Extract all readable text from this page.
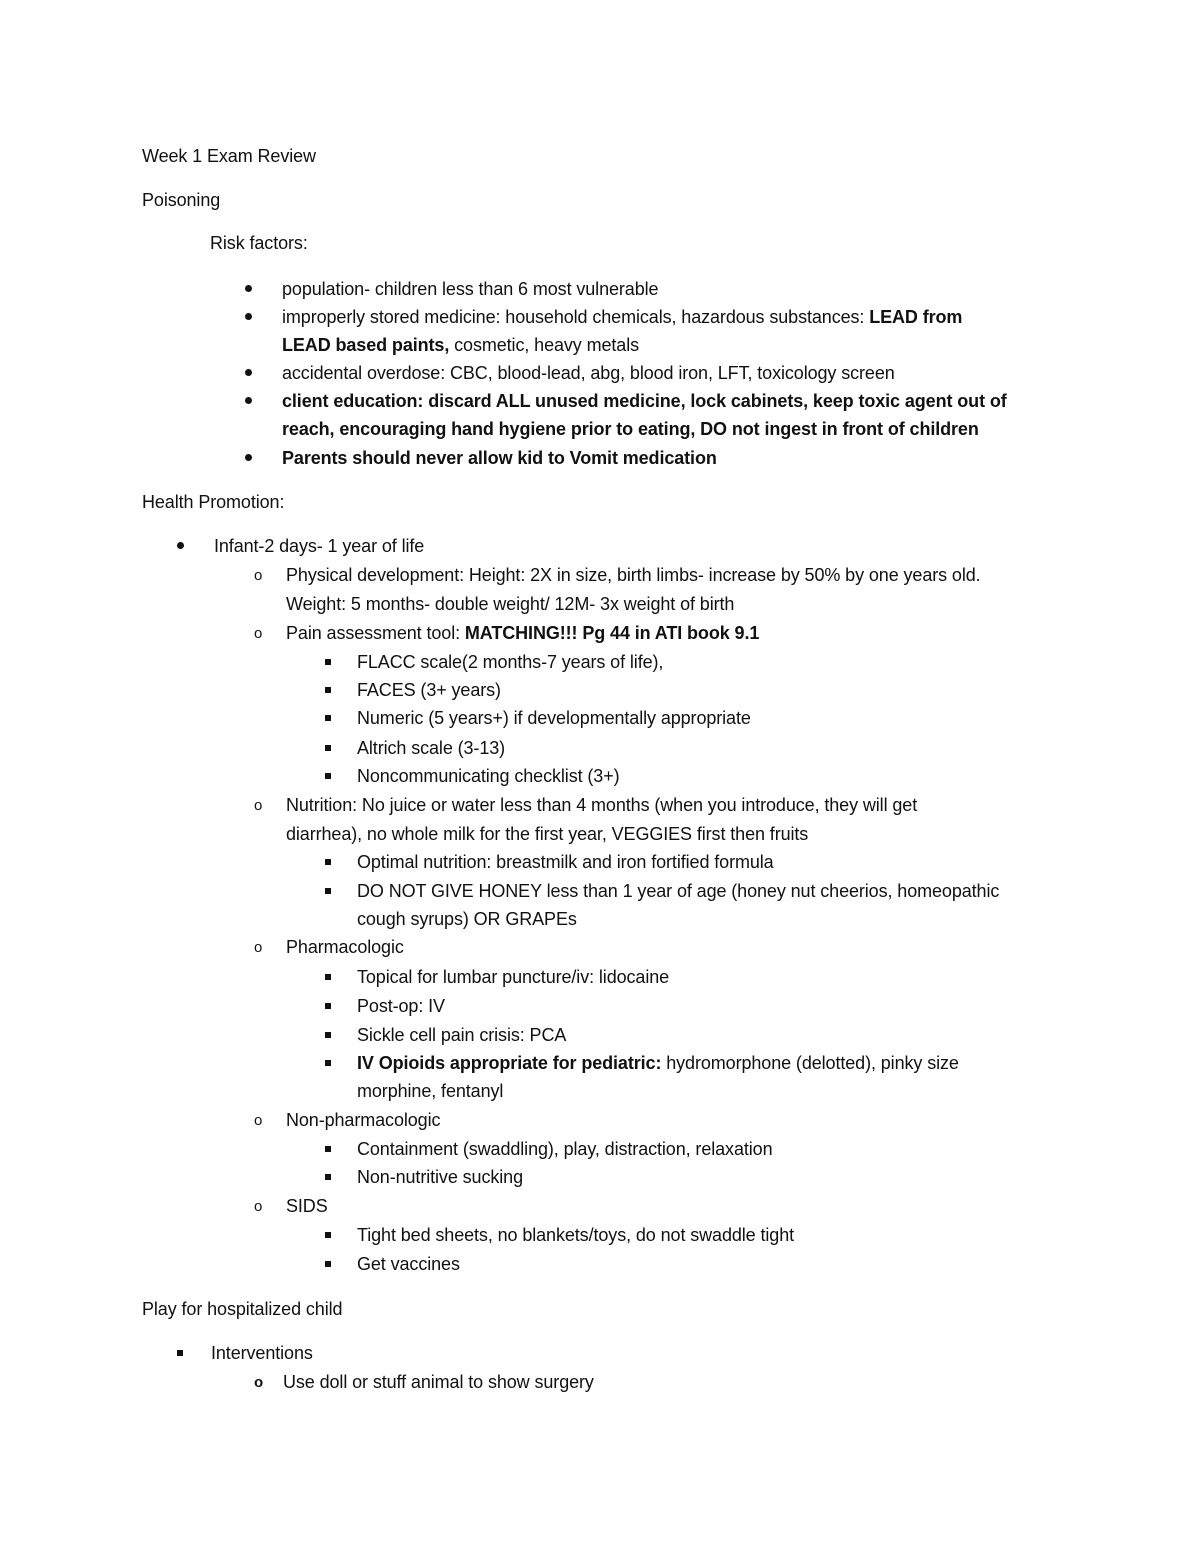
Week 1 Exam Review
Poisoning
Risk factors:
population- children less than 6 most vulnerable
improperly stored medicine: household chemicals, hazardous substances: LEAD from
LEAD based paints, cosmetic, heavy metals
accidental overdose: CBC, blood-lead, abg, blood iron, LFT, toxicology screen
client education: discard ALL unused medicine, lock cabinets, keep toxic agent out of
reach, encouraging hand hygiene prior to eating, DO not ingest in front of children
Parents should never allow kid to Vomit medication
Health Promotion:
Infant-2 days- 1 year of life
o Physical development: Height: 2X in size, birth limbs- increase by 50% by one years old.
Weight: 5 months- double weight/ 12M- 3x weight of birth
o Pain assessment tool: MATCHING!!! Pg 44 in ATI book 9.1
FLACC scale(2 months-7 years of life),
FACES (3+ years)
Numeric (5 years+) if developmentally appropriate
Altrich scale (3-13)
Noncommunicating checklist (3+)
o Nutrition: No juice or water less than 4 months (when you introduce, they will get
diarrhea), no whole milk for the first year, VEGGIES first then fruits
Optimal nutrition: breastmilk and iron fortified formula
DO NOT GIVE HONEY less than 1 year of age (honey nut cheerios, homeopathic
cough syrups) OR GRAPEs
o Pharmacologic
Topical for lumbar puncture/iv: lidocaine
Post-op: IV
Sickle cell pain crisis: PCA
IV Opioids appropriate for pediatric: hydromorphone (delotted), pinky size
morphine, fentanyl
o Non-pharmacologic
Containment (swaddling), play, distraction, relaxation
Non-nutritive sucking
o SIDS
Tight bed sheets, no blankets/toys, do not swaddle tight
Get vaccines
Play for hospitalized child
Interventions
o Use doll or stuff animal to show surgery
